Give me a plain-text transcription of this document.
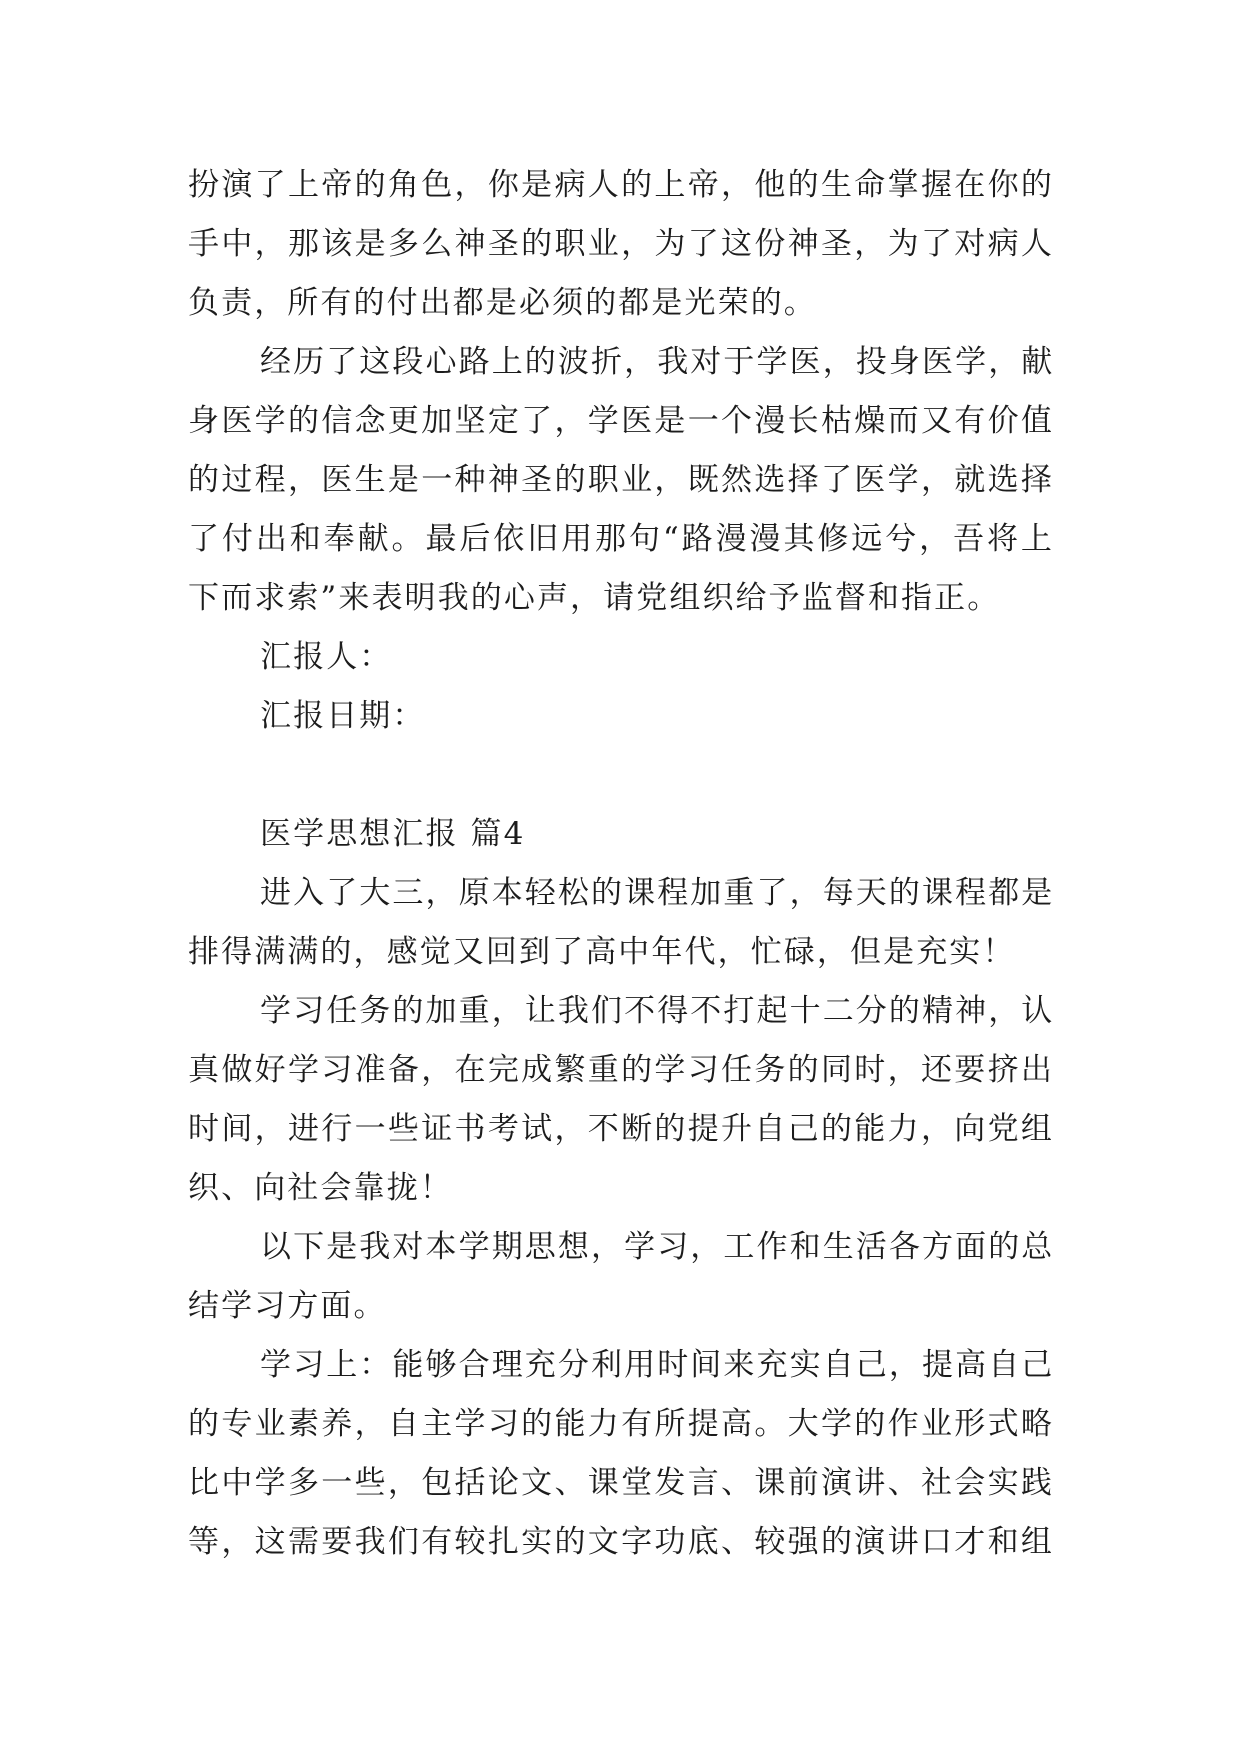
扮演了上帝的角色，你是病人的上帝，他的生命掌握在你的
手中，那该是多么神圣的职业，为了这份神圣，为了对病人
负责，所有的付出都是必须的都是光荣的。
经历了这段心路上的波折，我对于学医，投身医学，献
身医学的信念更加坚定了，学医是一个漫长枯燥而又有价值
的过程，医生是一种神圣的职业，既然选择了医学，就选择
了付出和奉献。最后依旧用那句“路漫漫其修远兮，吾将上
下而求索”来表明我的心声，请党组织给予监督和指正。
汇报人：
汇报日期：
医学思想汇报 篇4
进入了大三，原本轻松的课程加重了，每天的课程都是
排得满满的，感觉又回到了高中年代，忙碌，但是充实！
学习任务的加重，让我们不得不打起十二分的精神，认
真做好学习准备，在完成繁重的学习任务的同时，还要挤出
时间，进行一些证书考试，不断的提升自己的能力，向党组
织、向社会靠拢！
以下是我对本学期思想，学习，工作和生活各方面的总
结学习方面。
学习上：能够合理充分利用时间来充实自己，提高自己
的专业素养，自主学习的能力有所提高。大学的作业形式略
比中学多一些，包括论文、课堂发言、课前演讲、社会实践
等，这需要我们有较扎实的文字功底、较强的演讲口才和组
